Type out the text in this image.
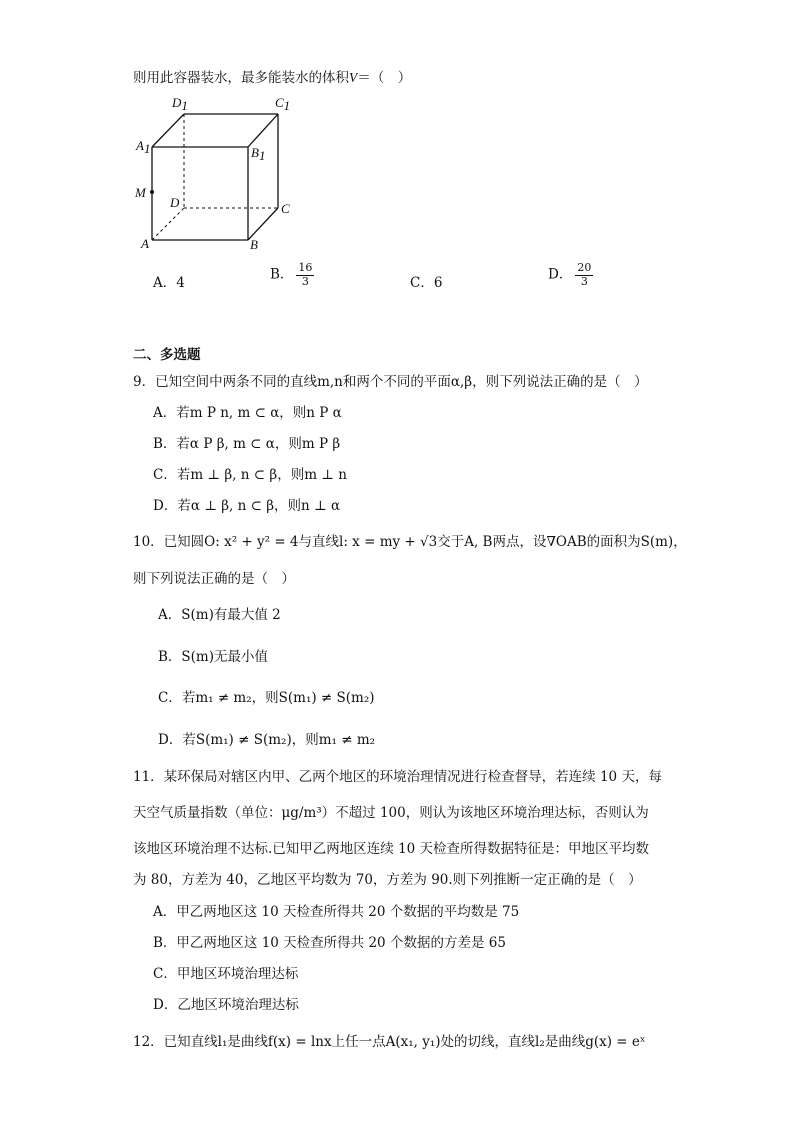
则用此容器装水，最多能装水的体积V＝（　）
D1	C1
A1	B1
M
D	C
A	B
A．4
B． $\frac{16}{3}$	C．6
D． $\frac{20}{3}$
二、多选题
9．已知空间中两条不同的直线m,n和两个不同的平面α,β，则下列说法正确的是（　）
A．若m P n, m ⊂ α，则n P α
B．若α P β, m ⊂ α，则m P β
C．若m ⊥ β, n ⊂ β，则m ⊥ n
D．若α ⊥ β, n ⊂ β，则n ⊥ α
10．已知圆O: x² + y² = 4与直线l: x = my + √3交于A, B两点，设∇OAB的面积为S(m)，
则下列说法正确的是（　）
A．S(m)有最大值 2
B．S(m)无最小值
C．若m₁ ≠ m₂，则S(m₁) ≠ S(m₂)
D．若S(m₁) ≠ S(m₂)，则m₁ ≠ m₂
11．某环保局对辖区内甲、乙两个地区的环境治理情况进行检查督导，若连续 10 天，每
天空气质量指数（单位：μg/m³）不超过 100，则认为该地区环境治理达标，否则认为
该地区环境治理不达标.已知甲乙两地区连续 10 天检查所得数据特征是：甲地区平均数
为 80，方差为 40，乙地区平均数为 70，方差为 90.则下列推断一定正确的是（　）
A．甲乙两地区这 10 天检查所得共 20 个数据的平均数是 75
B．甲乙两地区这 10 天检查所得共 20 个数据的方差是 65
C．甲地区环境治理达标
D．乙地区环境治理达标
12．已知直线l₁是曲线f(x) = lnx上任一点A(x₁, y₁)处的切线，直线l₂是曲线g(x) = eˣ
